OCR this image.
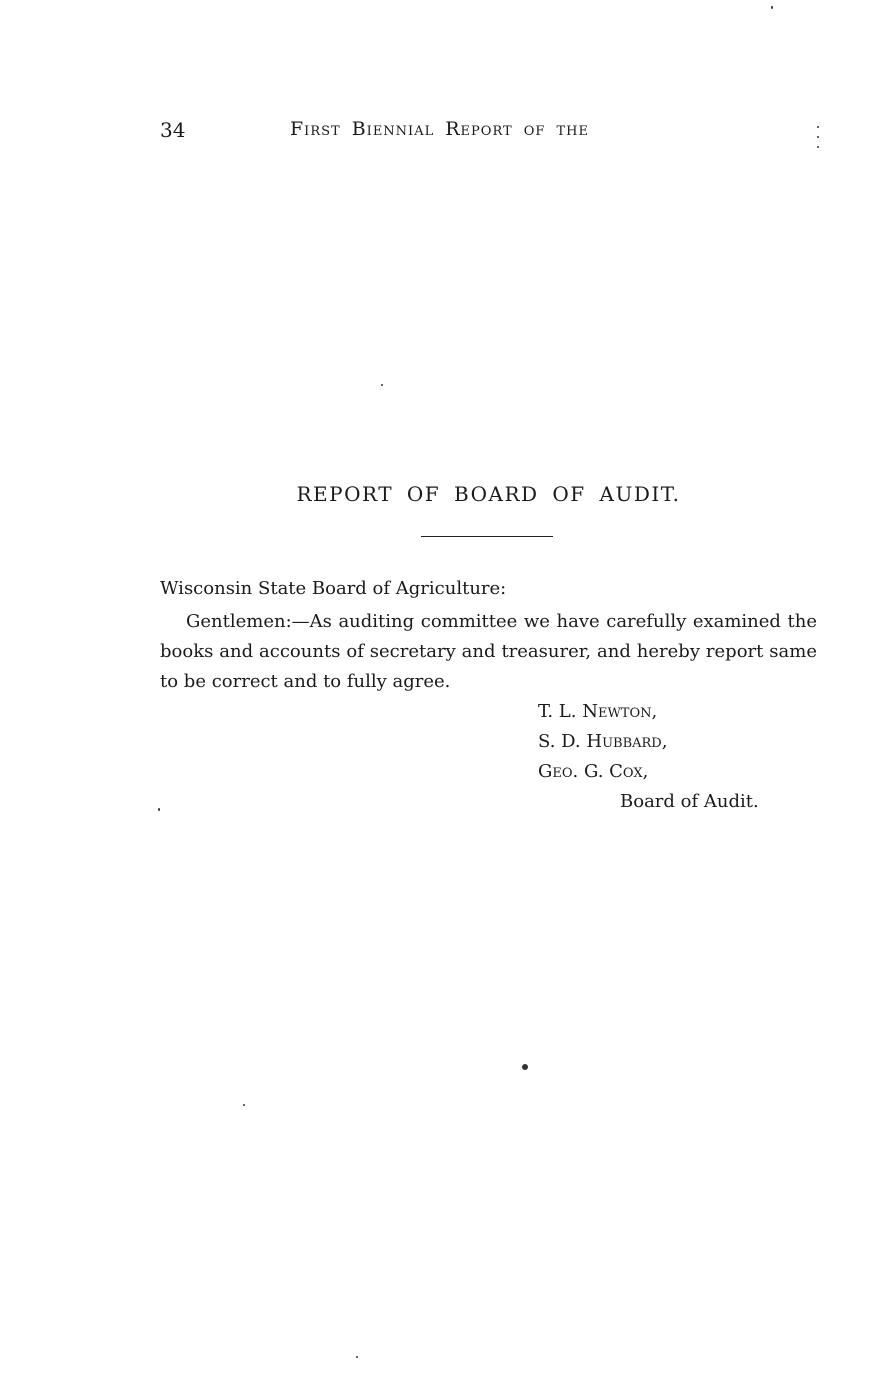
34	First Biennial Report of the
REPORT OF BOARD OF AUDIT.
Wisconsin State Board of Agriculture:

Gentlemen:—As auditing committee we have carefully examined the books and accounts of secretary and treasurer, and hereby report same to be correct and to fully agree.

T. L. Newton,
S. D. Hubbard,
Geo. G. Cox,
Board of Audit.
